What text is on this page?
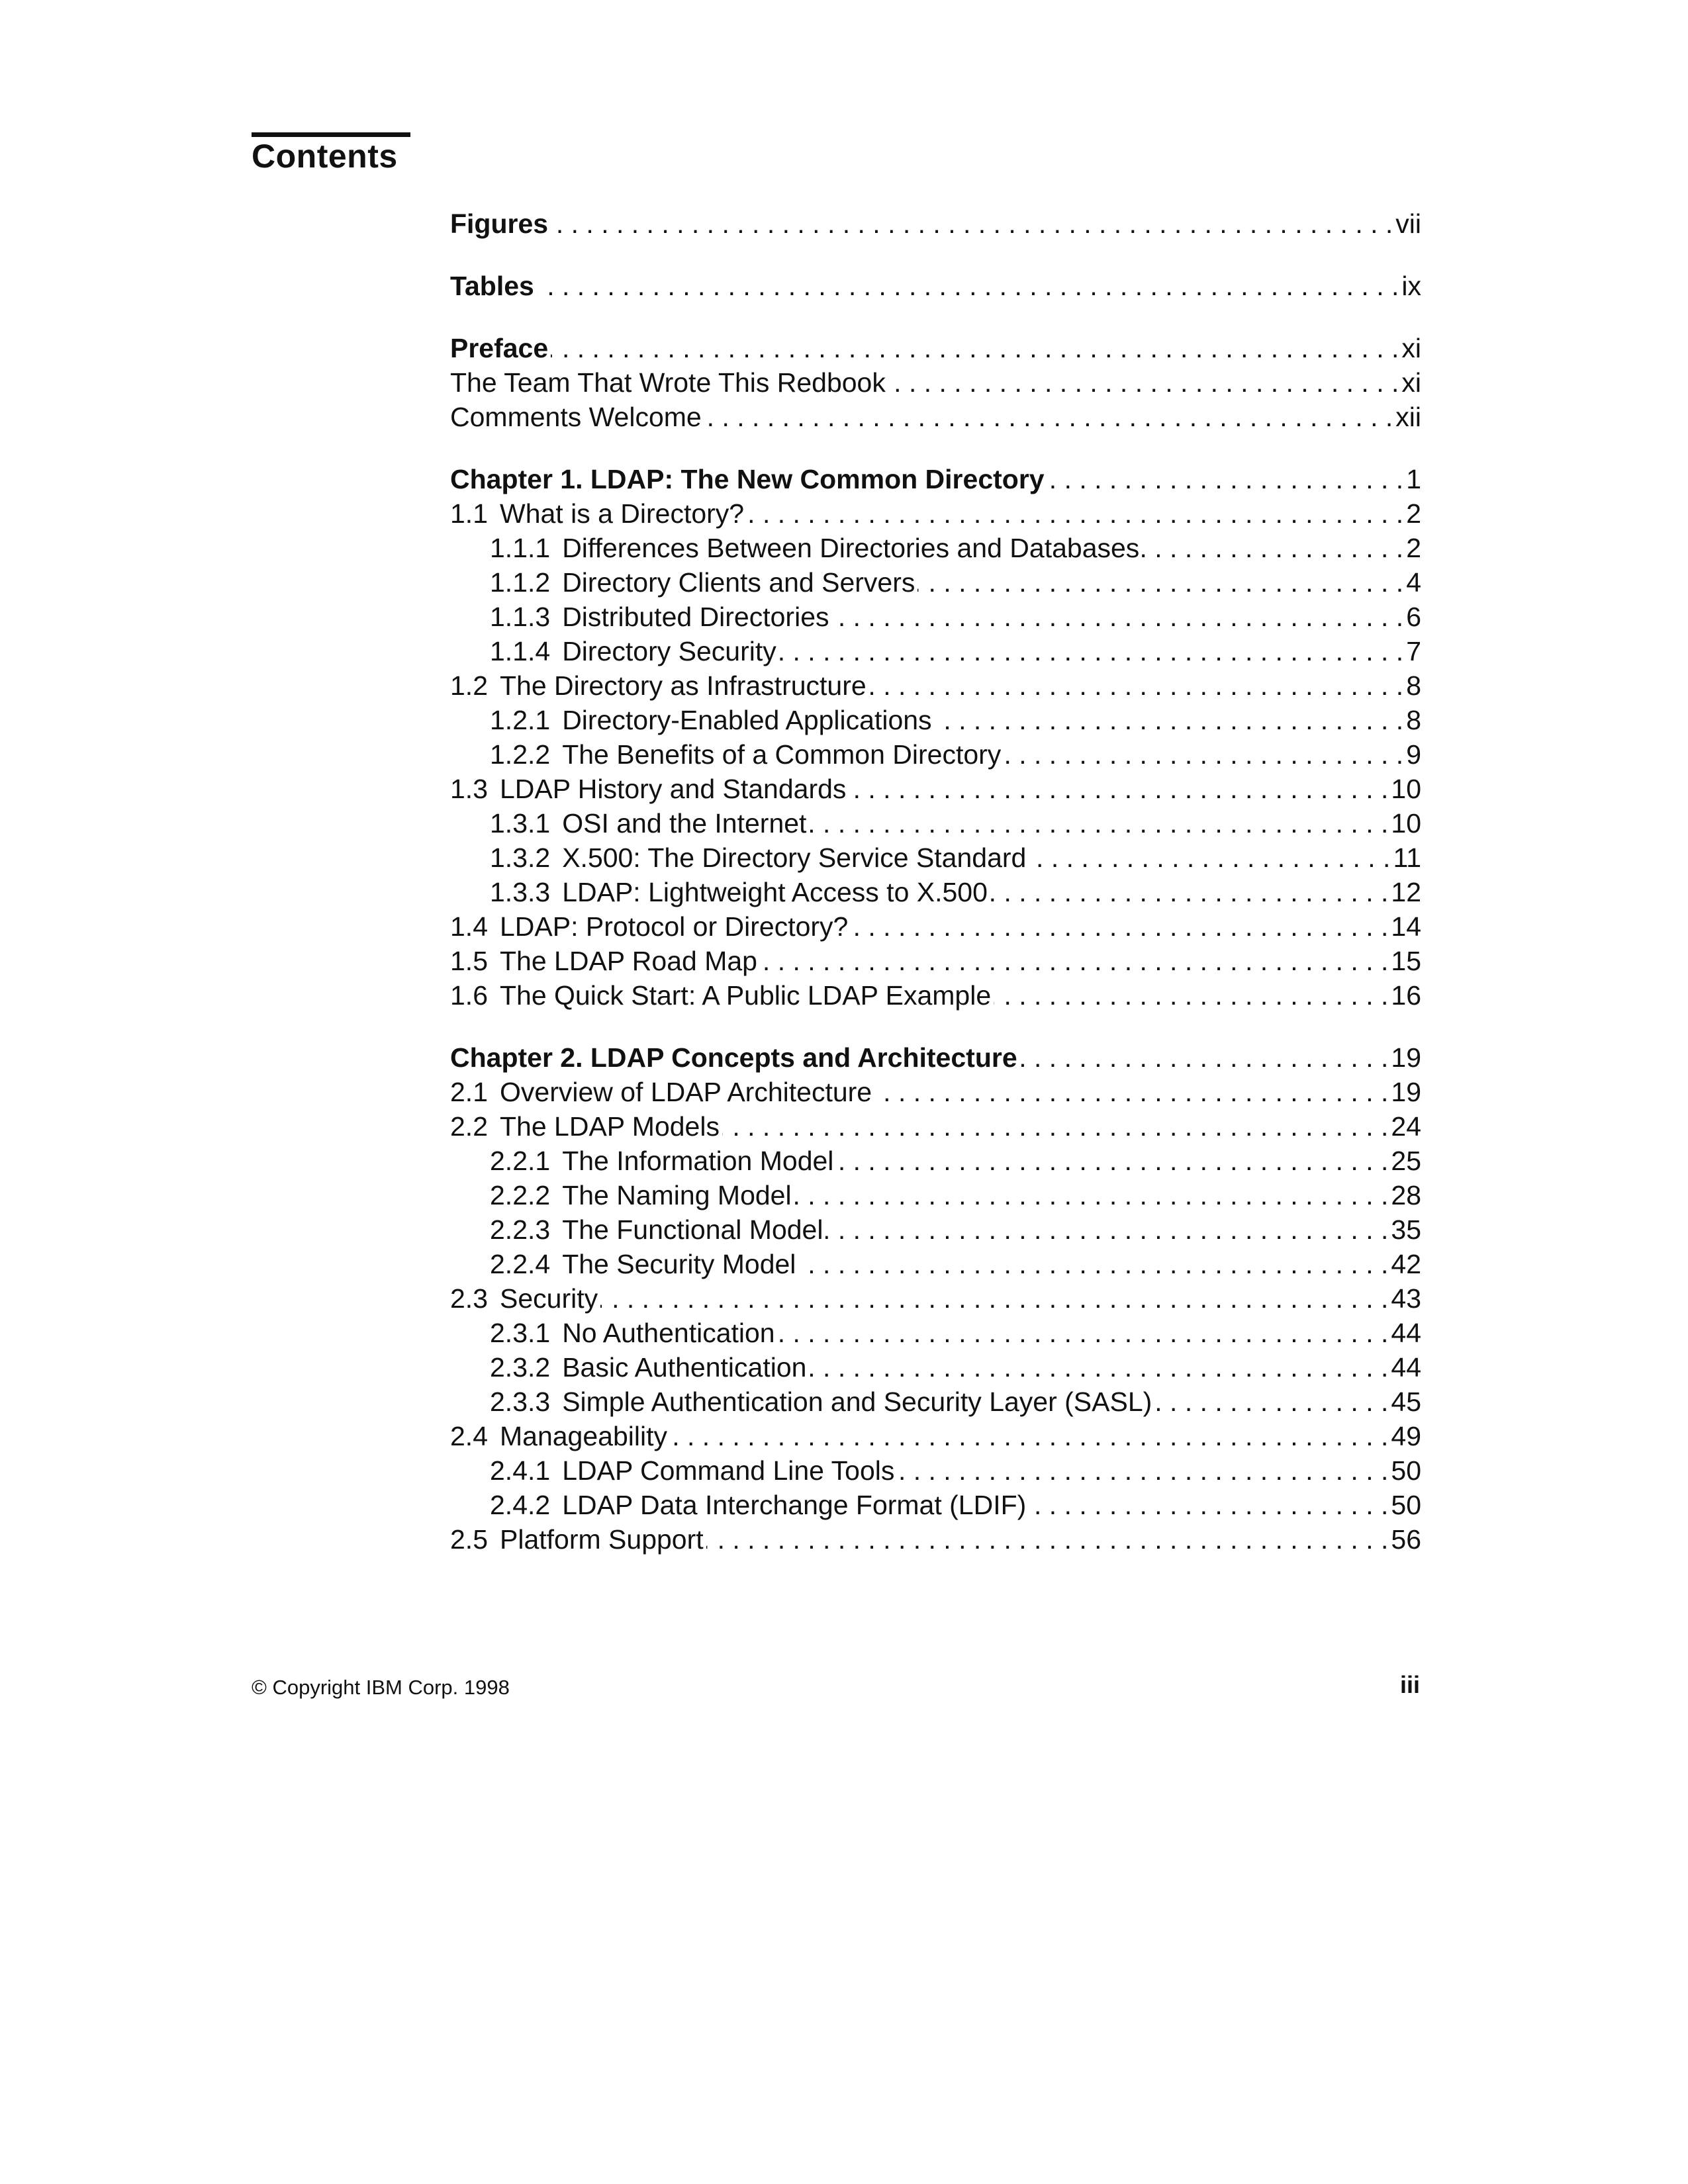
Contents
Figures . . .	vii
Tables . . .	ix
Preface . . .	xi
The Team That Wrote This Redbook . . .	xi
Comments Welcome . . .	xii
Chapter 1. LDAP: The New Common Directory . . .	1
1.1 What is a Directory? . . .	2
1.1.1 Differences Between Directories and Databases . . .	2
1.1.2 Directory Clients and Servers . . .	4
1.1.3 Distributed Directories . . .	6
1.1.4 Directory Security . . .	7
1.2 The Directory as Infrastructure . . .	8
1.2.1 Directory-Enabled Applications . . .	8
1.2.2 The Benefits of a Common Directory . . .	9
1.3 LDAP History and Standards . . .	10
1.3.1 OSI and the Internet . . .	10
1.3.2 X.500: The Directory Service Standard . . .	11
1.3.3 LDAP: Lightweight Access to X.500 . . .	12
1.4 LDAP: Protocol or Directory? . . .	14
1.5 The LDAP Road Map . . .	15
1.6 The Quick Start: A Public LDAP Example . . .	16
Chapter 2. LDAP Concepts and Architecture . . .	19
2.1 Overview of LDAP Architecture . . .	19
2.2 The LDAP Models . . .	24
2.2.1 The Information Model . . .	25
2.2.2 The Naming Model . . .	28
2.2.3 The Functional Model . . .	35
2.2.4 The Security Model . . .	42
2.3 Security . . .	43
2.3.1 No Authentication . . .	44
2.3.2 Basic Authentication . . .	44
2.3.3 Simple Authentication and Security Layer (SASL) . . .	45
2.4 Manageability . . .	49
2.4.1 LDAP Command Line Tools . . .	50
2.4.2 LDAP Data Interchange Format (LDIF) . . .	50
2.5 Platform Support . . .	56
© Copyright IBM Corp. 1998	iii
